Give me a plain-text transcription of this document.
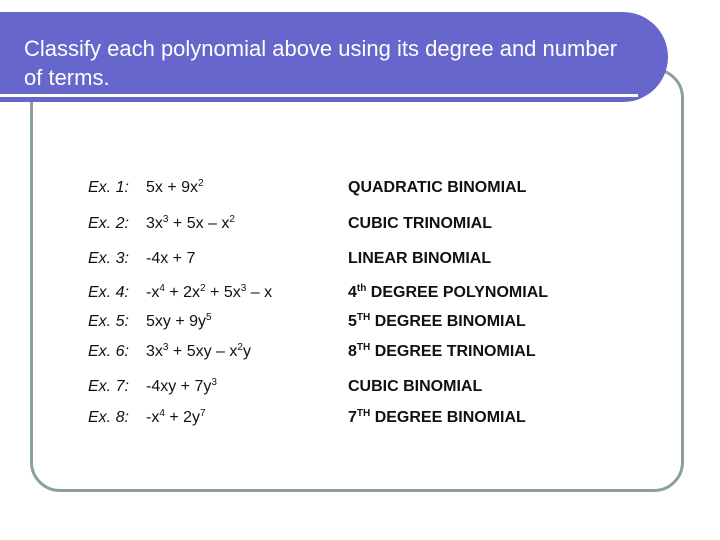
Classify each polynomial above using its degree and number of terms.
Ex. 1: $5x + 9x^2$	QUADRATIC BINOMIAL
Ex. 2: $3x^3 + 5x - x^2$	CUBIC TRINOMIAL
Ex. 3: -4x + 7	LINEAR BINOMIAL
Ex. 4: $-x^4 + 2x^2 + 5x^3 - x$	4th DEGREE POLYNOMIAL
Ex. 5: $5xy + 9y^5$	5TH DEGREE BINOMIAL
Ex. 6: $3x^3 + 5xy - x^2y$	8TH DEGREE TRINOMIAL
Ex. 7: $-4xy + 7y^3$	CUBIC BINOMIAL
Ex. 8: $-x^4 + 2y^7$	7TH DEGREE BINOMIAL
